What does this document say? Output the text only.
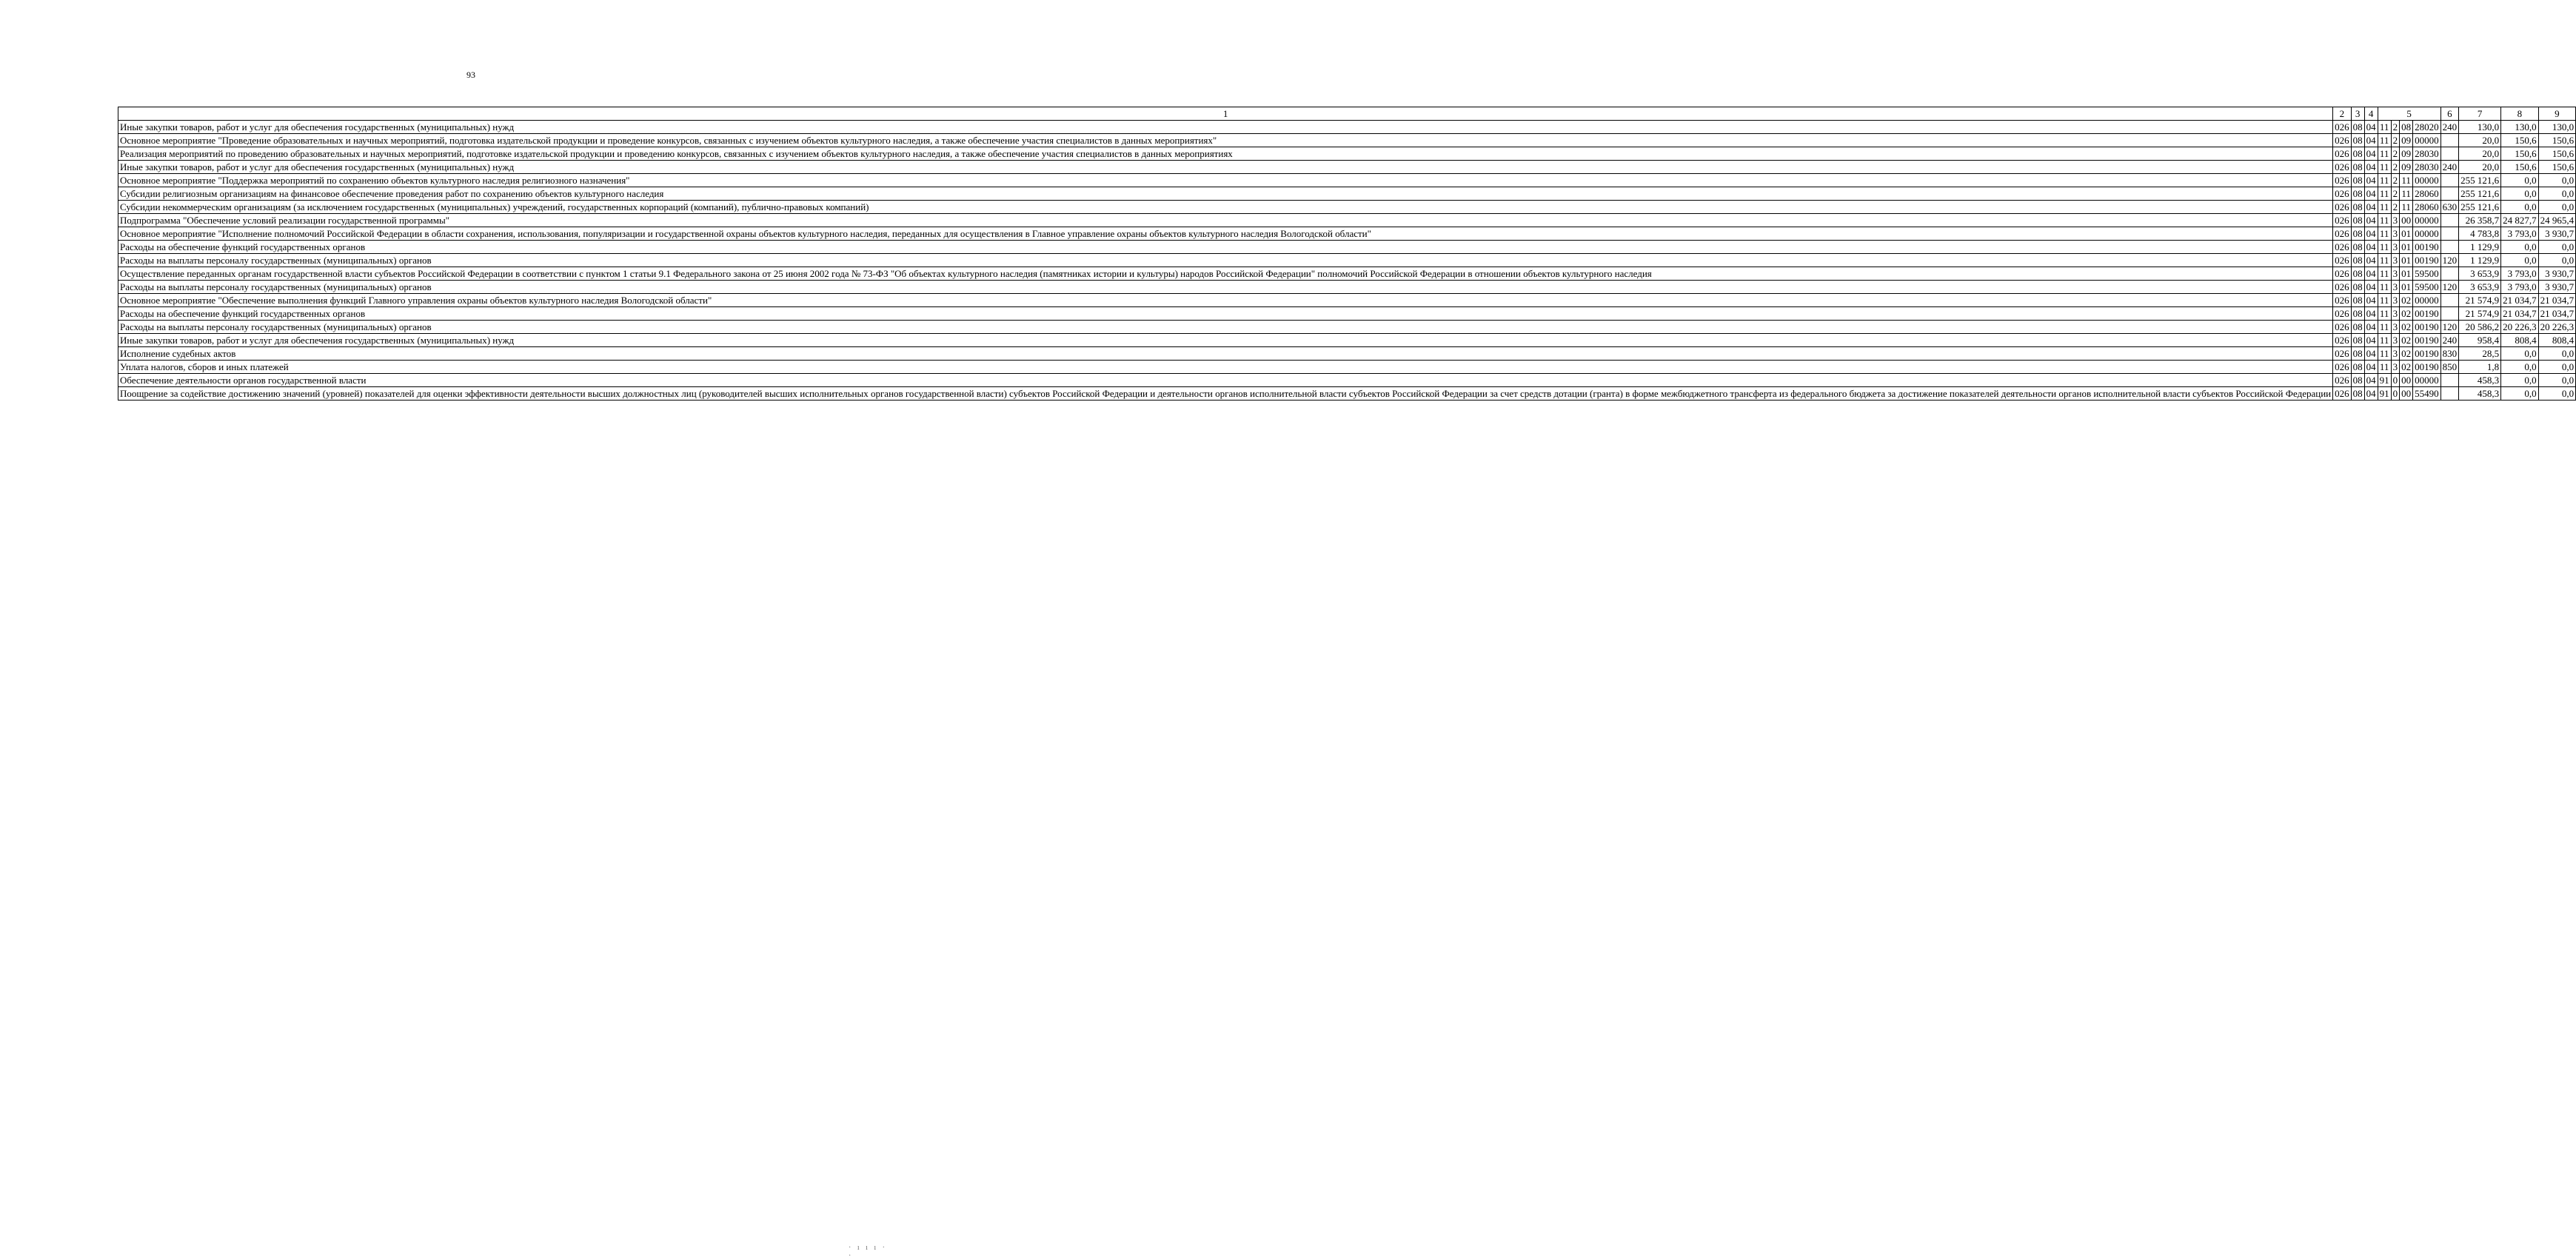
93
1	2	3	4	5				6	7	8	9
Иные закупки товаров, работ и услуг для обеспечения государственных (муниципальных) нужд	026	08	04	11	2	08	28020	240	130,0	130,0	130,0
Основное мероприятие "Проведение образовательных и научных мероприятий, подготовка издательской продукции и проведение конкурсов, связанных с изучением объектов культурного наследия, а также обеспечение участия специалистов в данных мероприятиях"	026	08	04	11	2	09	00000		20,0	150,6	150,6
Реализация мероприятий по проведению образовательных и научных мероприятий, подготовке издательской продукции и проведению конкурсов, связанных с изучением объектов культурного наследия, а также обеспечение участия специалистов в данных мероприятиях	026	08	04	11	2	09	28030		20,0	150,6	150,6
Иные закупки товаров, работ и услуг для обеспечения государственных (муниципальных) нужд	026	08	04	11	2	09	28030	240	20,0	150,6	150,6
Основное мероприятие "Поддержка мероприятий по сохранению объектов культурного наследия религиозного назначения"	026	08	04	11	2	11	00000		255 121,6	0,0	0,0
Субсидии религиозным организациям на финансовое обеспечение проведения работ по сохранению объектов культурного наследия	026	08	04	11	2	11	28060		255 121,6	0,0	0,0
Субсидии некоммерческим организациям (за исключением государственных (муниципальных) учреждений, государственных корпораций (компаний), публично-правовых компаний)	026	08	04	11	2	11	28060	630	255 121,6	0,0	0,0
Подпрограмма "Обеспечение условий реализации государственной программы"	026	08	04	11	3	00	00000		26 358,7	24 827,7	24 965,4
Основное мероприятие "Исполнение полномочий Российской Федерации в области сохранения, использования, популяризации и государственной охраны объектов культурного наследия, переданных для осуществления в Главное управление охраны объектов культурного наследия Вологодской области"	026	08	04	11	3	01	00000		4 783,8	3 793,0	3 930,7
Расходы на обеспечение функций государственных органов	026	08	04	11	3	01	00190		1 129,9	0,0	0,0
Расходы на выплаты персоналу государственных (муниципальных) органов	026	08	04	11	3	01	00190	120	1 129,9	0,0	0,0
Осуществление переданных органам государственной власти субъектов Российской Федерации в соответствии с пунктом 1 статьи 9.1 Федерального закона от 25 июня 2002 года № 73-ФЗ "Об объектах культурного наследия (памятниках истории и культуры) народов Российской Федерации" полномочий Российской Федерации в отношении объектов культурного наследия	026	08	04	11	3	01	59500		3 653,9	3 793,0	3 930,7
Расходы на выплаты персоналу государственных (муниципальных) органов	026	08	04	11	3	01	59500	120	3 653,9	3 793,0	3 930,7
Основное мероприятие "Обеспечение выполнения функций Главного управления охраны объектов культурного наследия Вологодской области"	026	08	04	11	3	02	00000		21 574,9	21 034,7	21 034,7
Расходы на обеспечение функций государственных органов	026	08	04	11	3	02	00190		21 574,9	21 034,7	21 034,7
Расходы на выплаты персоналу государственных (муниципальных) органов	026	08	04	11	3	02	00190	120	20 586,2	20 226,3	20 226,3
Иные закупки товаров, работ и услуг для обеспечения государственных (муниципальных) нужд	026	08	04	11	3	02	00190	240	958,4	808,4	808,4
Исполнение судебных актов	026	08	04	11	3	02	00190	830	28,5	0,0	0,0
Уплата налогов, сборов и иных платежей	026	08	04	11	3	02	00190	850	1,8	0,0	0,0
Обеспечение деятельности органов государственной власти	026	08	04	91	0	00	00000		458,3	0,0	0,0
Поощрение за содействие достижению значений (уровней) показателей для оценки эффективности деятельности высших должностных лиц (руководителей высших исполнительных органов государственной власти) субъектов Российской Федерации и деятельности органов исполнительной власти субъектов Российской Федерации за счет средств дотации (гранта) в форме межбюджетного трансферта из федерального бюджета за достижение показателей деятельности органов исполнительной власти субъектов Российской Федерации	026	08	04	91	0	00	55490		458,3	0,0	0,0
· ı ı ı · ·
